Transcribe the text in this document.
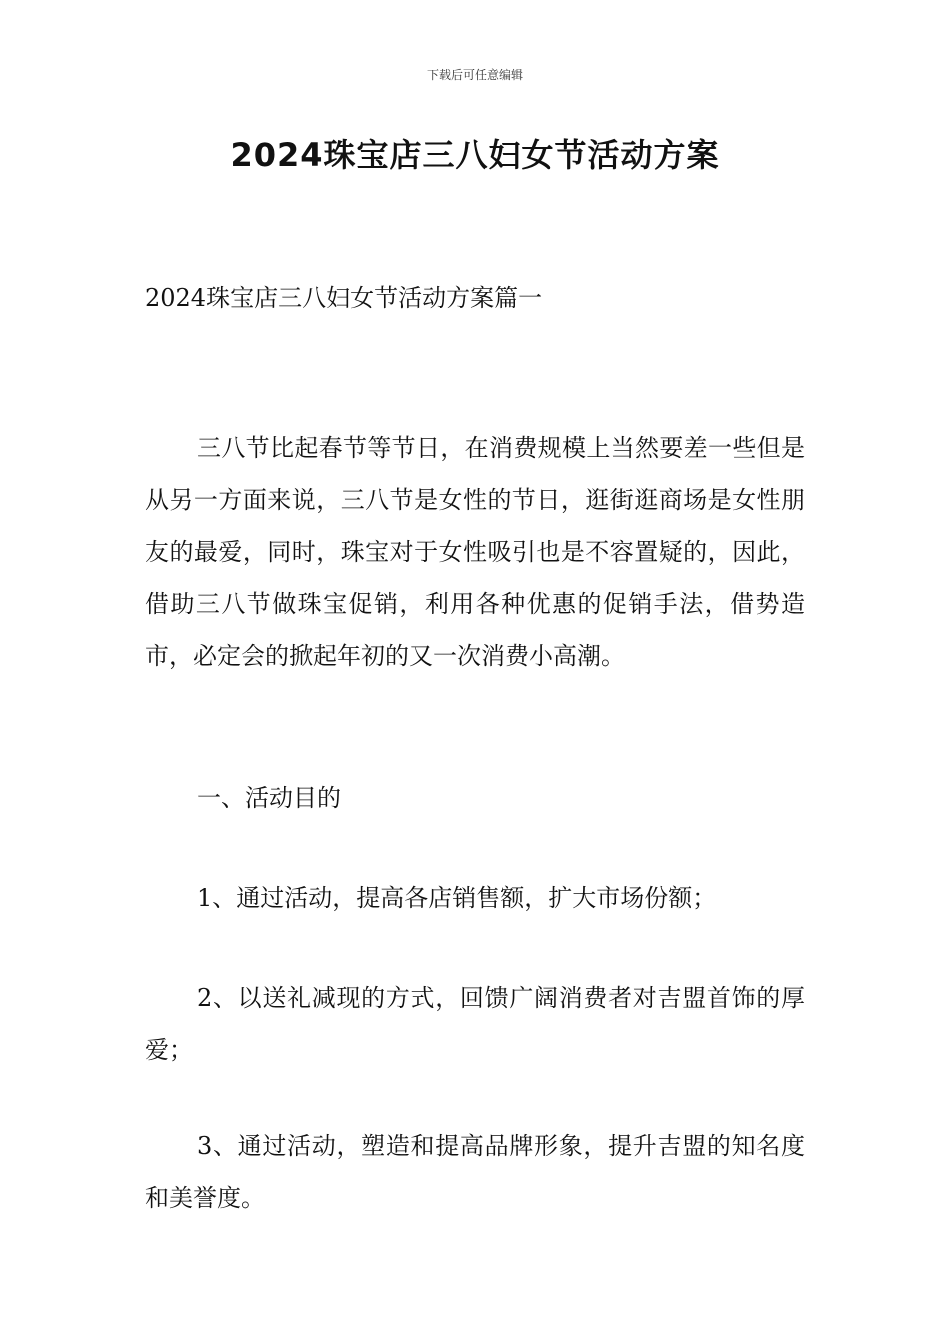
下载后可任意编辑
2024珠宝店三八妇女节活动方案
2024珠宝店三八妇女节活动方案篇一

三八节比起春节等节日，在消费规模上当然要差一些但是从另一方面来说，三八节是女性的节日，逛街逛商场是女性朋友的最爱，同时，珠宝对于女性吸引也是不容置疑的，因此，借助三八节做珠宝促销，利用各种优惠的促销手法，借势造市，必定会的掀起年初的又一次消费小高潮。

一、活动目的

1、通过活动，提高各店销售额，扩大市场份额；

2、以送礼减现的方式，回馈广阔消费者对吉盟首饰的厚爱；

3、通过活动，塑造和提高品牌形象，提升吉盟的知名度和美誉度。
